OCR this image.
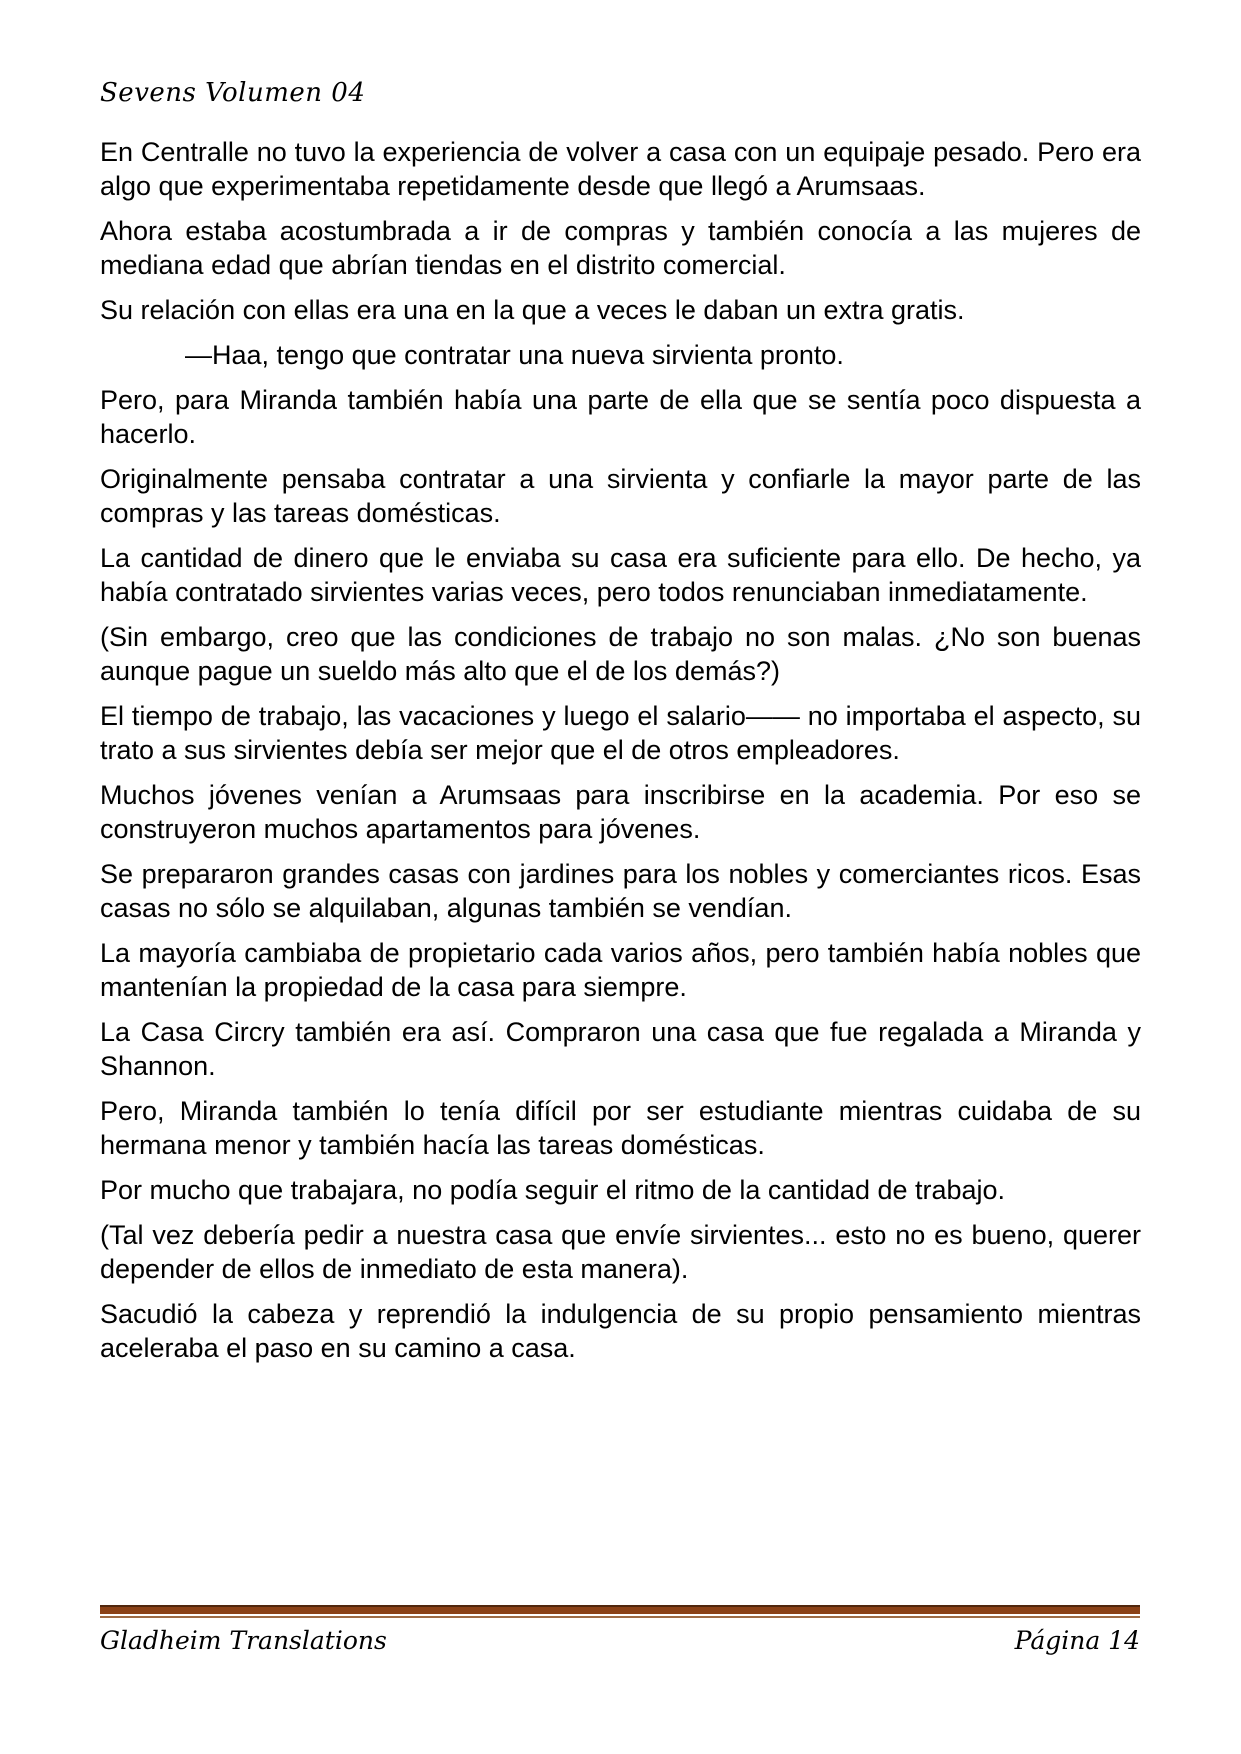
Sevens Volumen 04

En Centralle no tuvo la experiencia de volver a casa con un equipaje pesado. Pero era algo que experimentaba repetidamente desde que llegó a Arumsaas.

Ahora estaba acostumbrada a ir de compras y también conocía a las mujeres de mediana edad que abrían tiendas en el distrito comercial.

Su relación con ellas era una en la que a veces le daban un extra gratis.

—Haa, tengo que contratar una nueva sirvienta pronto.

Pero, para Miranda también había una parte de ella que se sentía poco dispuesta a hacerlo.

Originalmente pensaba contratar a una sirvienta y confiarle la mayor parte de las compras y las tareas domésticas.

La cantidad de dinero que le enviaba su casa era suficiente para ello. De hecho, ya había contratado sirvientes varias veces, pero todos renunciaban inmediatamente.

(Sin embargo, creo que las condiciones de trabajo no son malas. ¿No son buenas aunque pague un sueldo más alto que el de los demás?)

El tiempo de trabajo, las vacaciones y luego el salario—— no importaba el aspecto, su trato a sus sirvientes debía ser mejor que el de otros empleadores.

Muchos jóvenes venían a Arumsaas para inscribirse en la academia. Por eso se construyeron muchos apartamentos para jóvenes.

Se prepararon grandes casas con jardines para los nobles y comerciantes ricos. Esas casas no sólo se alquilaban, algunas también se vendían.

La mayoría cambiaba de propietario cada varios años, pero también había nobles que mantenían la propiedad de la casa para siempre.

La Casa Circry también era así. Compraron una casa que fue regalada a Miranda y Shannon.

Pero, Miranda también lo tenía difícil por ser estudiante mientras cuidaba de su hermana menor y también hacía las tareas domésticas.

Por mucho que trabajara, no podía seguir el ritmo de la cantidad de trabajo.

(Tal vez debería pedir a nuestra casa que envíe sirvientes... esto no es bueno, querer depender de ellos de inmediato de esta manera).

Sacudió la cabeza y reprendió la indulgencia de su propio pensamiento mientras aceleraba el paso en su camino a casa.

Gladheim Translations	Página 14
